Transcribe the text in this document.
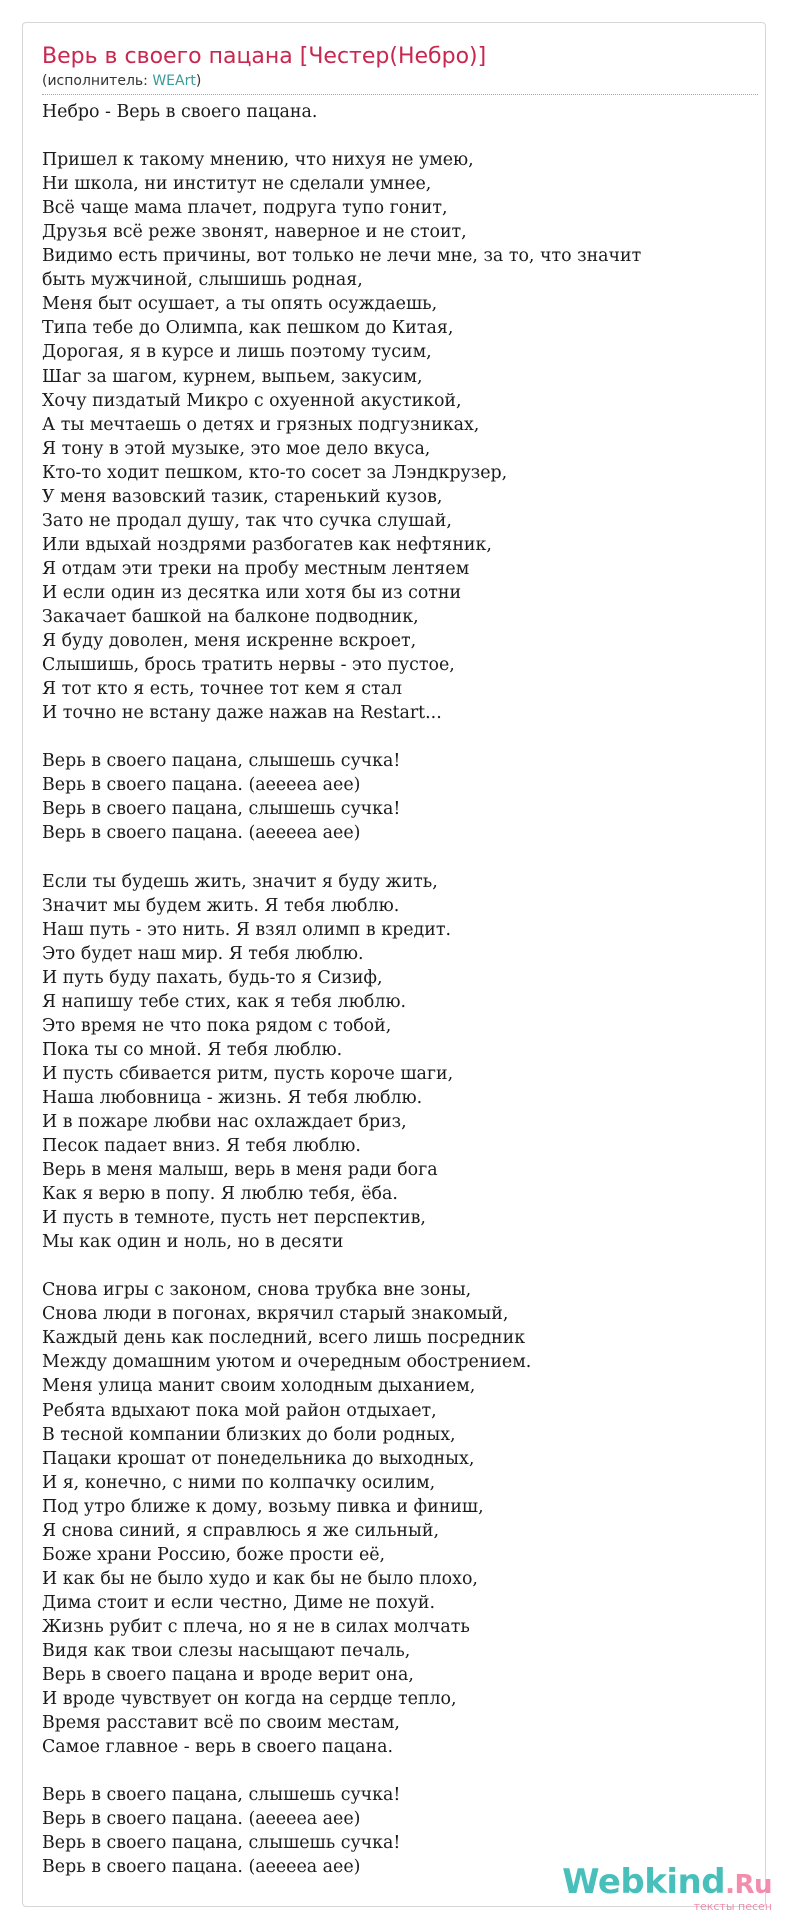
Верь в своего пацана [Честер(Небро)]
(исполнитель: WEArt)
Небро - Верь в своего пацана.

Пришел к такому мнению, что нихуя не умею,
Ни школа, ни институт не сделали умнее,
Всё чаще мама плачет, подруга тупо гонит,
Друзья всё реже звонят, наверное и не стоит,
Видимо есть причины, вот только не лечи мне, за то, что значит
быть мужчиной, слышишь родная,
Меня быт осушает, а ты опять осуждаешь,
Типа тебе до Олимпа, как пешком до Китая,
Дорогая, я в курсе и лишь поэтому тусим,
Шаг за шагом, курнем, выпьем, закусим,
Хочу пиздатый Микро с охуенной акустикой,
А ты мечтаешь о детях и грязных подгузниках,
Я тону в этой музыке, это мое дело вкуса,
Кто-то ходит пешком, кто-то сосет за Лэндкрузер,
У меня вазовский тазик, старенький кузов,
Зато не продал душу, так что сучка слушай,
Или вдыхай ноздрями разбогатев как нефтяник,
Я отдам эти треки на пробу местным лентяем
И если один из десятка или хотя бы из сотни
Закачает башкой на балконе подводник,
Я буду доволен, меня искренне вскроет,
Слышишь, брось тратить нервы - это пустое,
Я тот кто я есть, точнее тот кем я стал
И точно не встану даже нажав на Restart...

Верь в своего пацана, слышешь сучка!
Верь в своего пацана. (аееееа аее)
Верь в своего пацана, слышешь сучка!
Верь в своего пацана. (аееееа аее)

Если ты будешь жить, значит я буду жить,
Значит мы будем жить. Я тебя люблю.
Наш путь - это нить. Я взял олимп в кредит.
Это будет наш мир. Я тебя люблю.
И путь буду пахать, будь-то я Сизиф,
Я напишу тебе стих, как я тебя люблю.
Это время не что пока рядом с тобой,
Пока ты со мной. Я тебя люблю.
И пусть сбивается ритм, пусть короче шаги,
Наша любовница - жизнь. Я тебя люблю.
И в пожаре любви нас охлаждает бриз,
Песок падает вниз. Я тебя люблю.
Верь в меня малыш, верь в меня ради бога
Как я верю в попу. Я люблю тебя, ёба.
И пусть в темноте, пусть нет перспектив,
Мы как один и ноль, но в десяти

Снова игры с законом, снова трубка вне зоны,
Снова люди в погонах, вкрячил старый знакомый,
Каждый день как последний, всего лишь посредник
Между домашним уютом и очередным обострением.
Меня улица манит своим холодным дыханием,
Ребята вдыхают пока мой район отдыхает,
В тесной компании близких до боли родных,
Пацаки крошат от понедельника до выходных,
И я, конечно, с ними по колпачку осилим,
Под утро ближе к дому, возьму пивка и финиш,
Я снова синий, я справлюсь я же сильный,
Боже храни Россию, боже прости её,
И как бы не было худо и как бы не было плохо,
Дима стоит и если честно, Диме не похуй.
Жизнь рубит с плеча, но я не в силах молчать
Видя как твои слезы насыщают печаль,
Верь в своего пацана и вроде верит она,
И вроде чувствует он когда на сердце тепло,
Время расставит всё по своим местам,
Самое главное - верь в своего пацана.

Верь в своего пацана, слышешь сучка!
Верь в своего пацана. (аееееа аее)
Верь в своего пацана, слышешь сучка!
Верь в своего пацана. (аееееа аее)	Webkind.Ru
тексты песен
